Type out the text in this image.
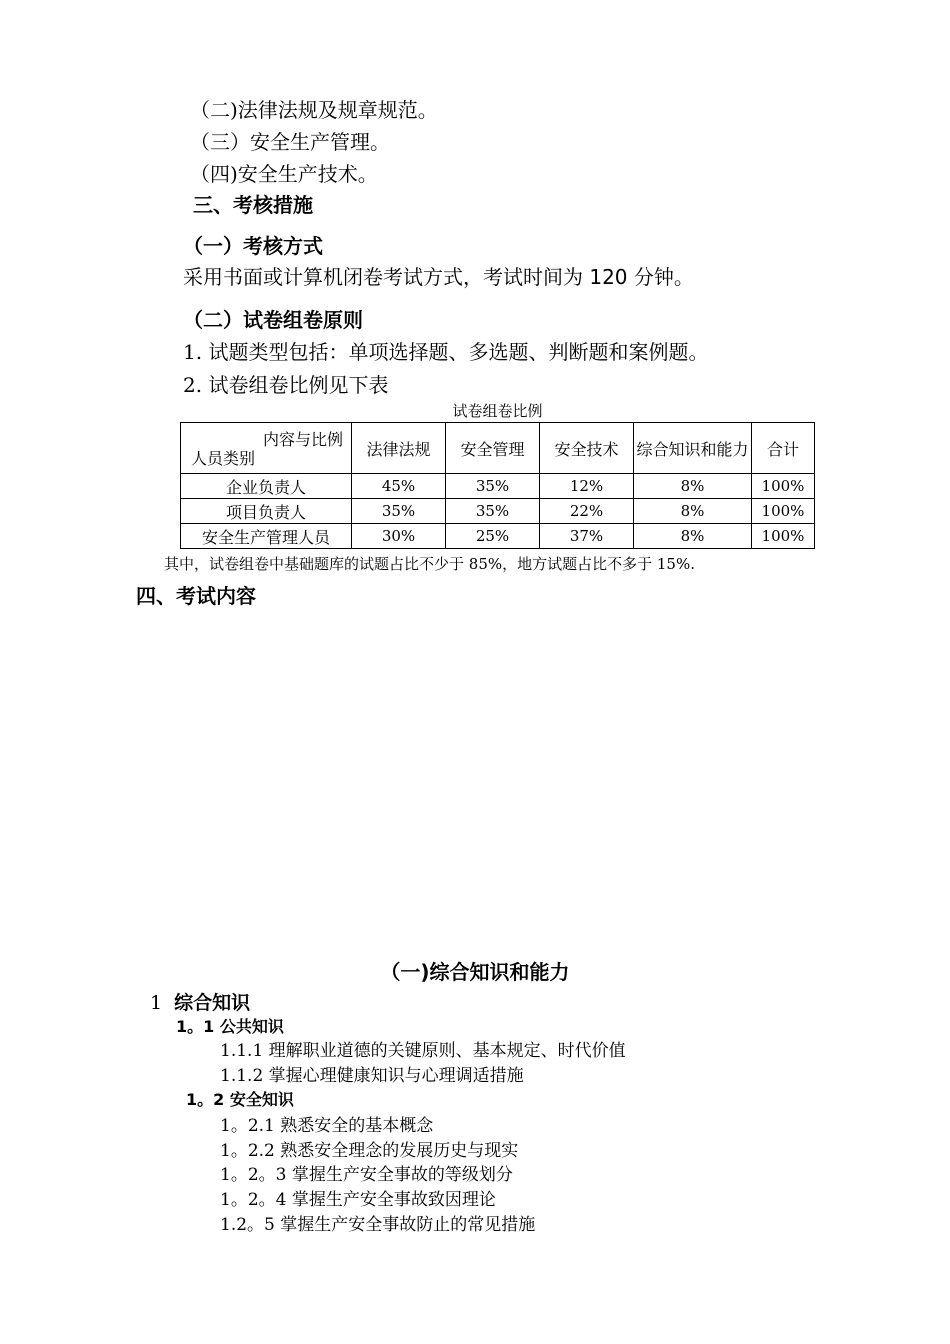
（二)法律法规及规章规范。
（三）安全生产管理。
（四)安全生产技术。
三、考核措施
（一）考核方式
采用书面或计算机闭卷考试方式，考试时间为 120 分钟。
（二）试卷组卷原则
1. 试题类型包括：单项选择题、多选题、判断题和案例题。
2. 试卷组卷比例见下表
试卷组卷比例
内容与比例
人员类别	法律法规	安全管理	安全技术	综合知识和能力	合计
企业负责人	45%	35%	12%	8%	100%
项目负责人	35%	35%	22%	8%	100%
安全生产管理人员	30%	25%	37%	8%	100%
其中，试卷组卷中基础题库的试题占比不少于 85%，地方试题占比不多于 15%.
四、考试内容
（一)综合知识和能力
1 综合知识
1。1 公共知识
1.1.1 理解职业道德的关键原则、基本规定、时代价值
1.1.2 掌握心理健康知识与心理调适措施
1。2 安全知识
1。2.1 熟悉安全的基本概念
1。2.2 熟悉安全理念的发展历史与现实
1。2。3 掌握生产安全事故的等级划分
1。2。4 掌握生产安全事故致因理论
1.2。5 掌握生产安全事故防止的常见措施
